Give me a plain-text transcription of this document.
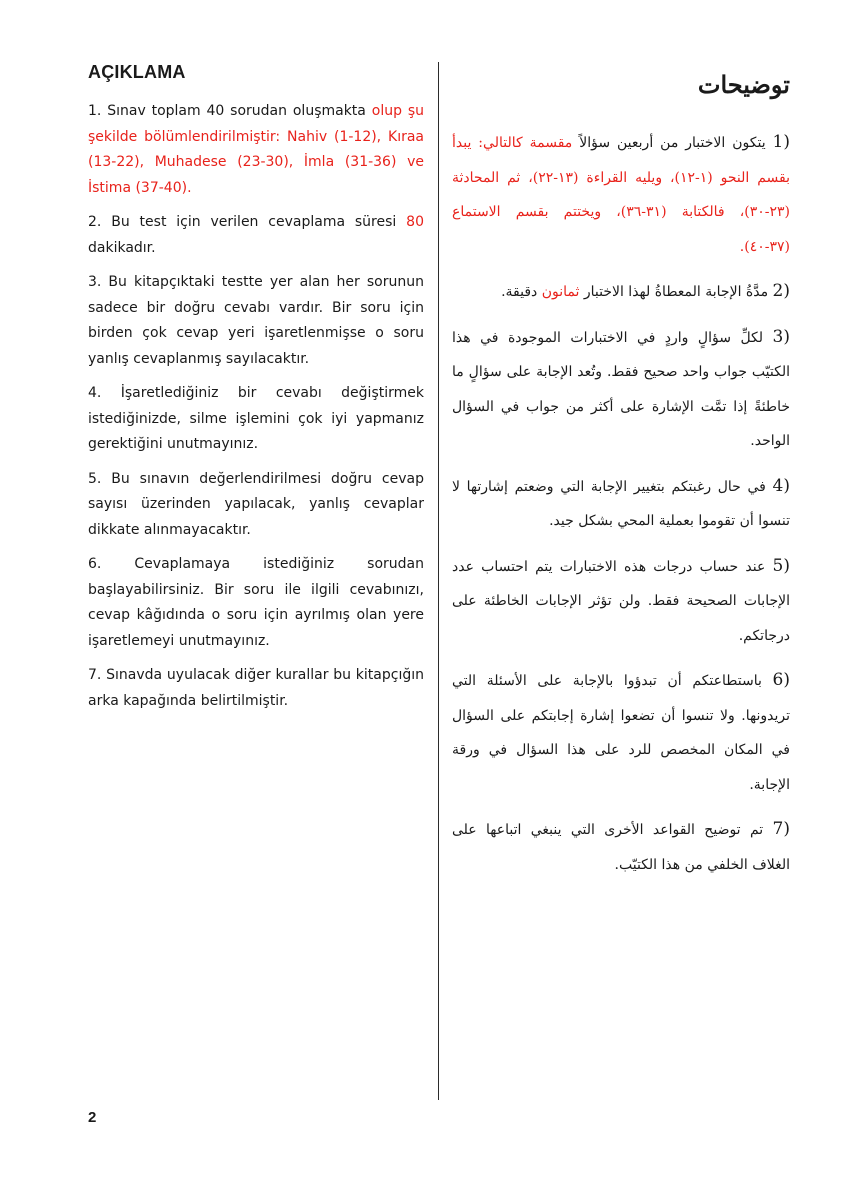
AÇIKLAMA

1. Sınav toplam 40 sorudan oluşmakta olup şu şekilde bölümlendirilmiştir: Nahiv (1-12), Kıraa (13-22), Muhadese (23-30), İmla (31-36) ve İstima (37-40).

2. Bu test için verilen cevaplama süresi 80 dakikadır.

3. Bu kitapçıktaki testte yer alan her sorunun sadece bir doğru cevabı vardır. Bir soru için birden çok cevap yeri işaretlenmişse o soru yanlış cevaplanmış sayılacaktır.

4. İşaretlediğiniz bir cevabı değiştirmek istediğinizde, silme işlemini çok iyi yapmanız gerektiğini unutmayınız.

5. Bu sınavın değerlendirilmesi doğru cevap sayısı üzerinden yapılacak, yanlış cevaplar dikkate alınmayacaktır.

6. Cevaplamaya istediğiniz sorudan başlayabilirsiniz. Bir soru ile ilgili cevabınızı, cevap kâğıdında o soru için ayrılmış olan yere işaretlemeyi unutmayınız.

7. Sınavda uyulacak diğer kurallar bu kitapçığın arka kapağında belirtilmiştir.

توضيحات

1) يتكون الاختبار من أربعين سؤالاً مقسمة كالتالي: يبدأ بقسم النحو (١-١٢)، ويليه القراءة (١٣-٢٢)، ثم المحادثة (٢٣-٣٠)، فالكتابة (٣١-٣٦)، ويختتم بقسم الاستماع (٣٧-٤٠).

2) مدَّةُ الإجابة المعطاةُ لهذا الاختبار ثمانون دقيقة.

3) لكلِّ سؤالٍ واردٍ في الاختبارات الموجودة في هذا الكتيّب جواب واحد صحيح فقط. وتُعد الإجابة على سؤالٍ ما خاطئةً إذا تمَّت الإشارة على أكثر من جواب في السؤال الواحد.

4) في حال رغبتكم بتغيير الإجابة التي وضعتم إشارتها لا تنسوا أن تقوموا بعملية المحي بشكل جيد.

5) عند حساب درجات هذه الاختبارات يتم احتساب عدد الإجابات الصحيحة فقط. ولن تؤثر الإجابات الخاطئة على درجاتكم.

6) باستطاعتكم أن تبدؤوا بالإجابة على الأسئلة التي تريدونها. ولا تنسوا أن تضعوا إشارة إجابتكم على السؤال في المكان المخصص للرد على هذا السؤال في ورقة الإجابة.

7) تم توضيح القواعد الأخرى التي ينبغي اتباعها على الغلاف الخلفي من هذا الكتيّب.

2
